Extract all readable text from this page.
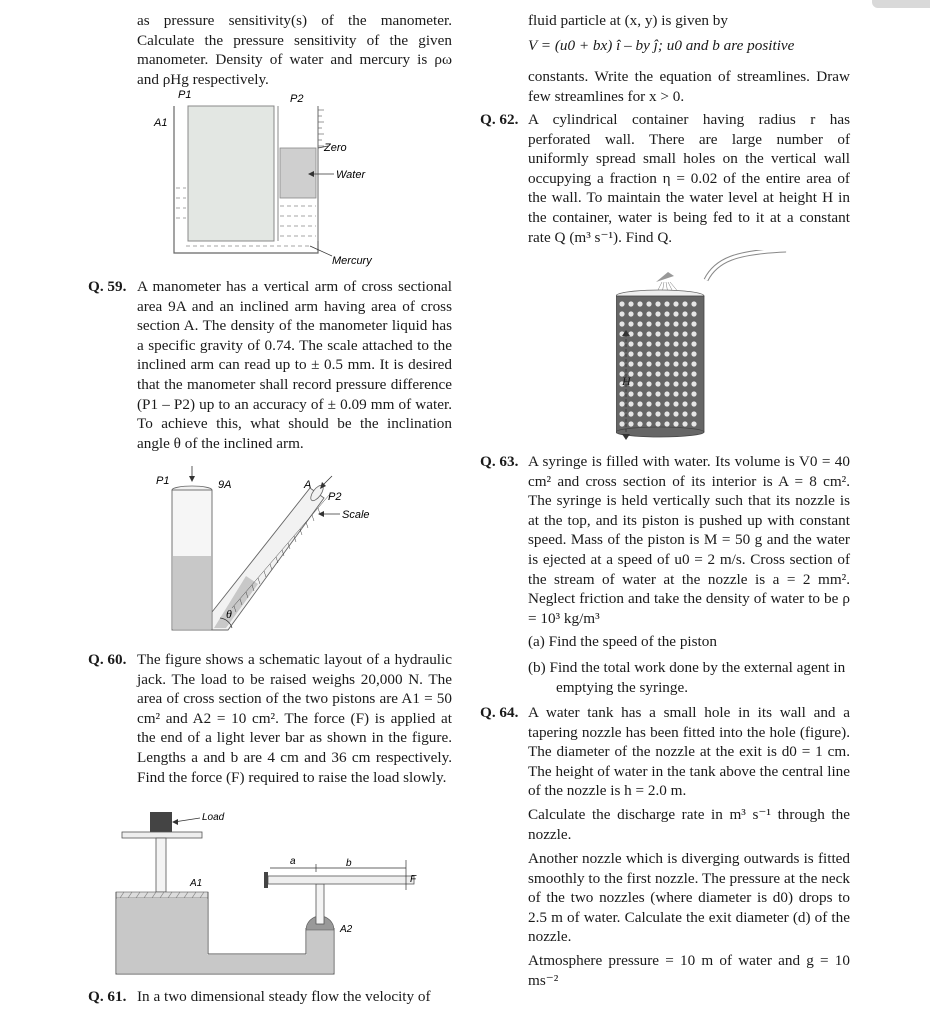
as pressure sensitivity(s) of the manometer. Calculate the pressure sensitivity of the given manometer. Density of water and mercury is ρω and ρHg respectively.
P1	P2
A1
Zero
Water
Mercury
Q. 59. A manometer has a vertical arm of cross sectional area 9A and an inclined arm having area of cross section A. The density of the manometer liquid has a specific gravity of 0.74. The scale attached to the inclined arm can read up to ± 0.5 mm. It is desired that the manometer shall record pressure difference (P1 – P2) up to an accuracy of ± 0.09 mm of water. To achieve this, what should be the inclination angle θ of the inclined arm.
P1	9A	A
P2
Scale
θ
Q. 60. The figure shows a schematic layout of a hydraulic jack. The load to be raised weighs 20,000 N. The area of cross section of the two pistons are A1 = 50 cm² and A2 = 10 cm². The force (F) is applied at the end of a light lever bar as shown in the figure. Lengths a and b are 4 cm and 36 cm respectively. Find the force (F) required to raise the load slowly.
Load
A1
A2
a	b
F
Q. 61. In a two dimensional steady flow the velocity of
fluid particle at (x, y) is given by
V = (u0 + bx) î – by ĵ; u0 and b are positive
constants. Write the equation of streamlines. Draw few streamlines for x > 0.
Q. 62. A cylindrical container having radius r has perforated wall. There are large number of uniformly spread small holes on the vertical wall occupying a fraction η = 0.02 of the entire area of the wall. To maintain the water level at height H in the container, water is being fed to it at a constant rate Q (m³ s⁻¹). Find Q.
H
Q. 63. A syringe is filled with water. Its volume is V0 = 40 cm² and cross section of its interior is A = 8 cm². The syringe is held vertically such that its nozzle is at the top, and its piston is pushed up with constant speed. Mass of the piston is M = 50 g and the water is ejected at a speed of u0 = 2 m/s. Cross section of the stream of water at the nozzle is a = 2 mm². Neglect friction and take the density of water to be ρ = 10³ kg/m³
(a) Find the speed of the piston
(b) Find the total work done by the external agent in emptying the syringe.
Q. 64. A water tank has a small hole in its wall and a tapering nozzle has been fitted into the hole (figure). The diameter of the nozzle at the exit is d0 = 1 cm. The height of water in the tank above the central line of the nozzle is h = 2.0 m.
Calculate the discharge rate in m³ s⁻¹ through the nozzle.
Another nozzle which is diverging outwards is fitted smoothly to the first nozzle. The pressure at the neck of the two nozzles (where diameter is d0) drops to 2.5 m of water. Calculate the exit diameter (d) of the nozzle.
Atmosphere pressure = 10 m of water and g = 10 ms⁻²
